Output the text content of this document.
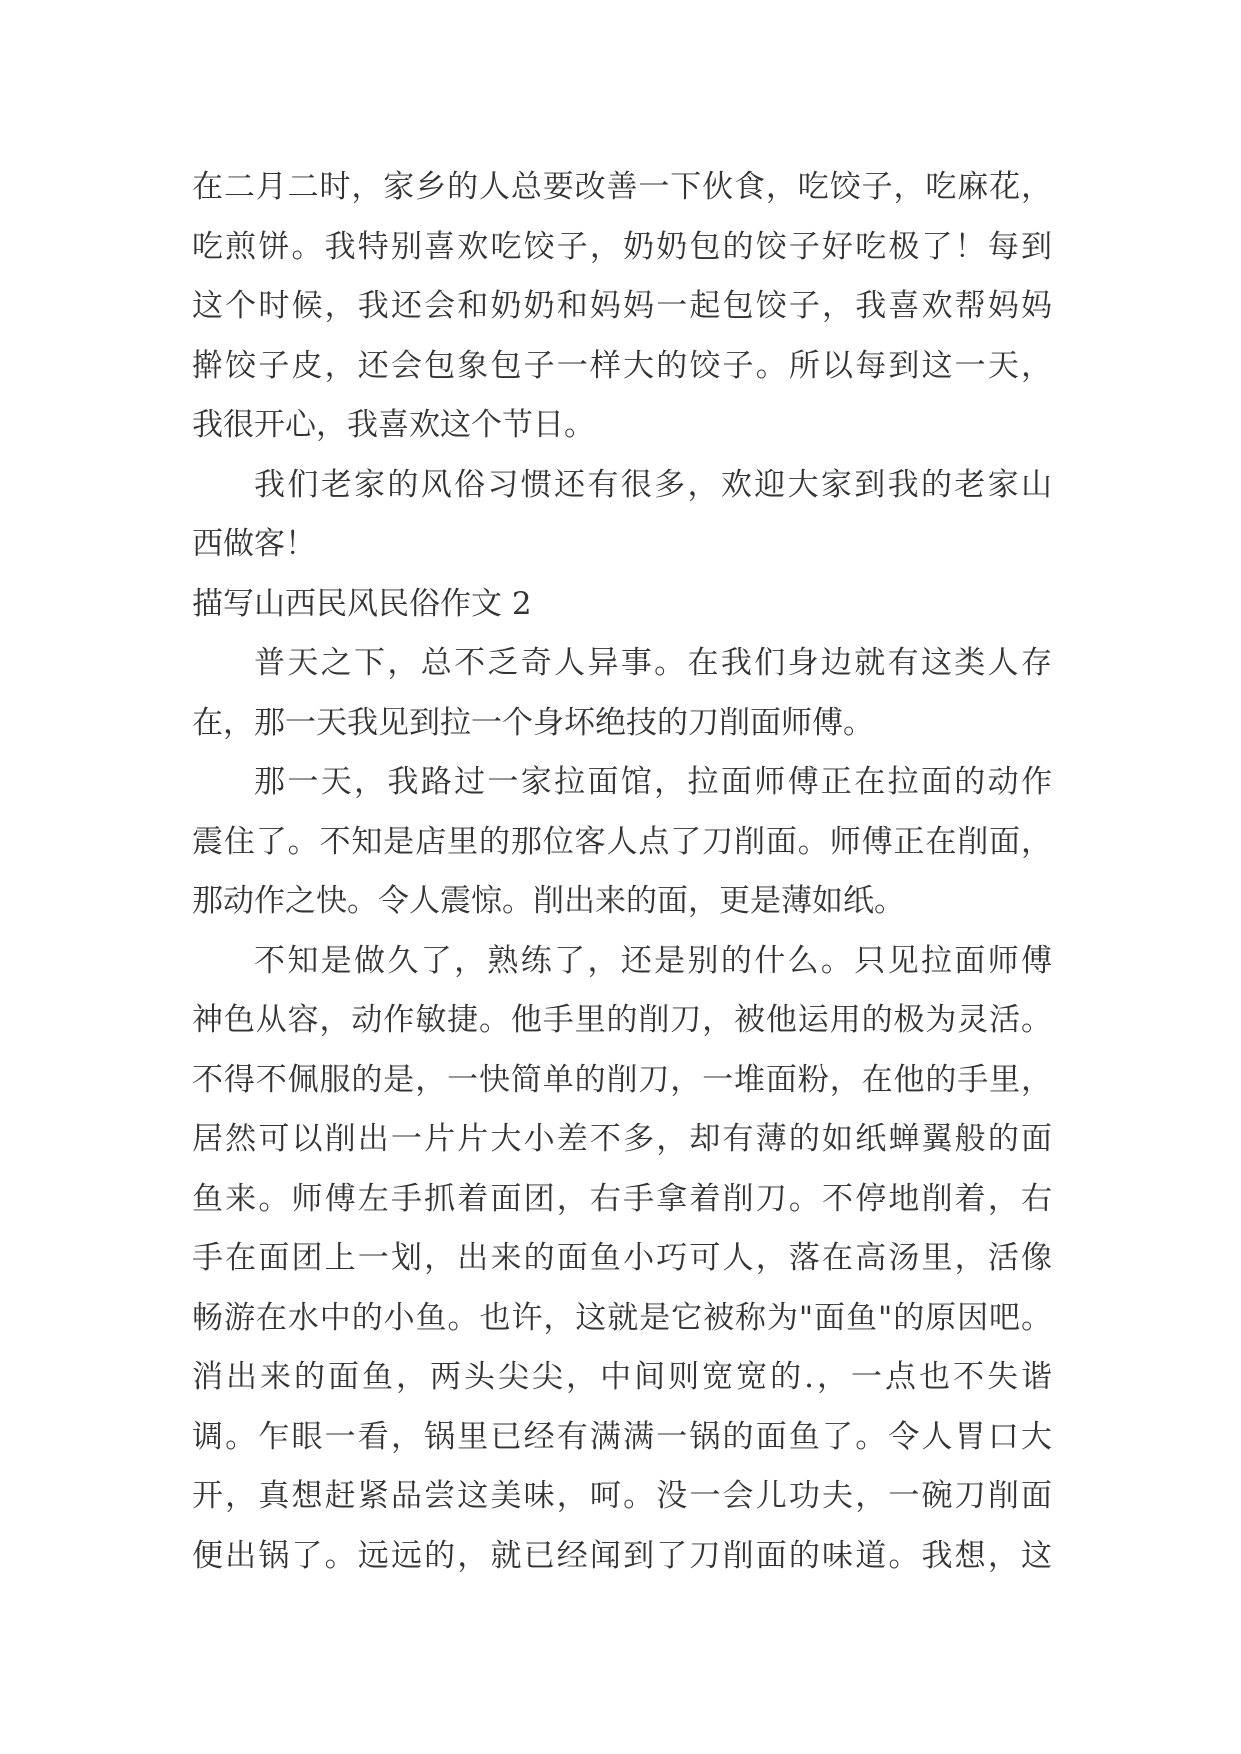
在二月二时，家乡的人总要改善一下伙食，吃饺子，吃麻花，
吃煎饼。我特别喜欢吃饺子，奶奶包的饺子好吃极了！每到
这个时候，我还会和奶奶和妈妈一起包饺子，我喜欢帮妈妈
擀饺子皮，还会包象包子一样大的饺子。所以每到这一天，
我很开心，我喜欢这个节日。
我们老家的风俗习惯还有很多，欢迎大家到我的老家山
西做客！
描写山西民风民俗作文 2
普天之下，总不乏奇人异事。在我们身边就有这类人存
在，那一天我见到拉一个身坏绝技的刀削面师傅。
那一天，我路过一家拉面馆，拉面师傅正在拉面的动作
震住了。不知是店里的那位客人点了刀削面。师傅正在削面，
那动作之快。令人震惊。削出来的面，更是薄如纸。
不知是做久了，熟练了，还是别的什么。只见拉面师傅
神色从容，动作敏捷。他手里的削刀，被他运用的极为灵活。
不得不佩服的是，一快简单的削刀，一堆面粉，在他的手里，
居然可以削出一片片大小差不多，却有薄的如纸蝉翼般的面
鱼来。师傅左手抓着面团，右手拿着削刀。不停地削着，右
手在面团上一划，出来的面鱼小巧可人，落在高汤里，活像
畅游在水中的小鱼。也许，这就是它被称为"面鱼"的原因吧。
消出来的面鱼，两头尖尖，中间则宽宽的.，一点也不失谐
调。乍眼一看，锅里已经有满满一锅的面鱼了。令人胃口大
开，真想赶紧品尝这美味，呵。没一会儿功夫，一碗刀削面
便出锅了。远远的，就已经闻到了刀削面的味道。我想，这
